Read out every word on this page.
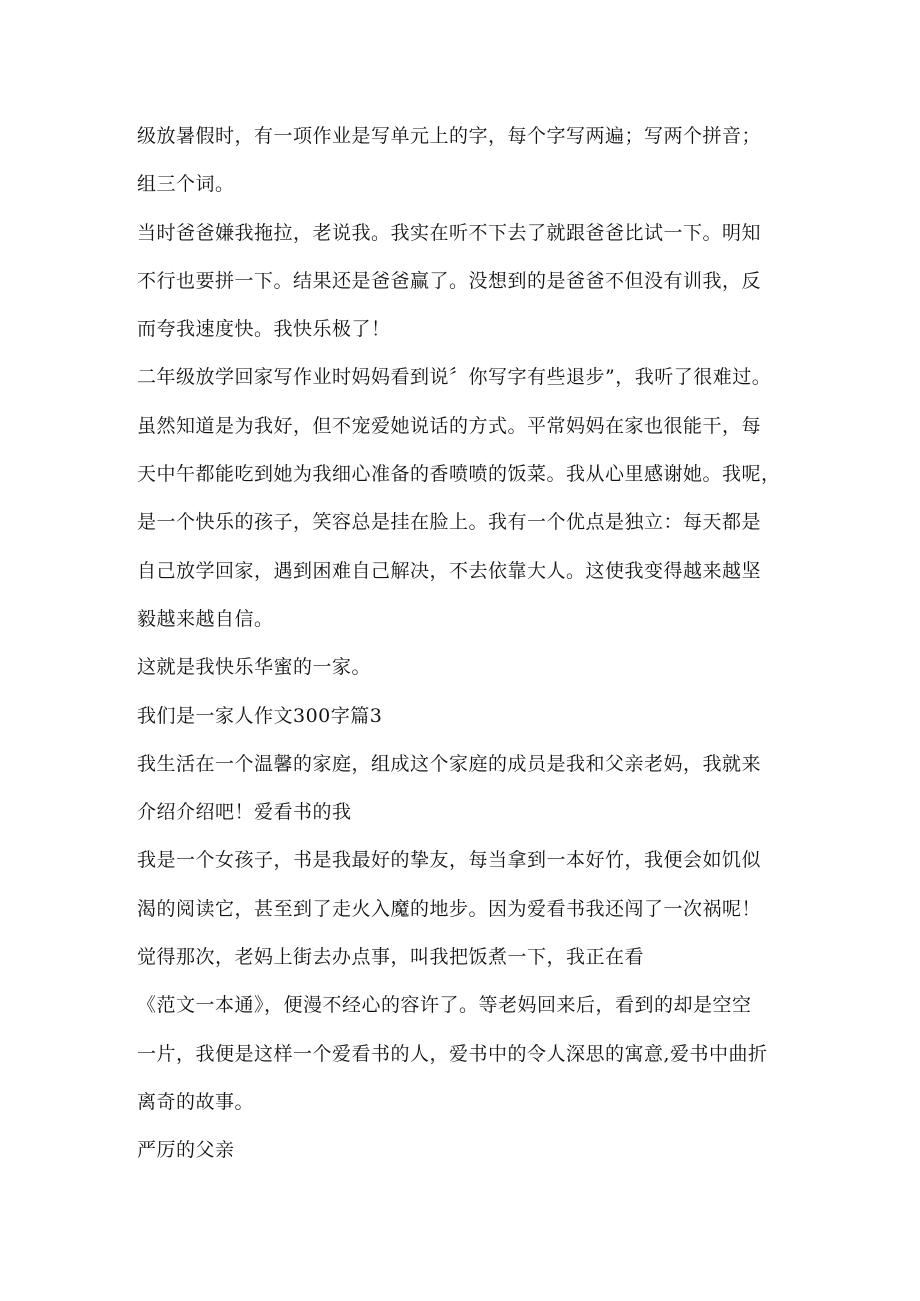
级放暑假时，有一项作业是写单元上的字，每个字写两遍；写两个拼音；
组三个词。
当时爸爸嫌我拖拉，老说我。我实在听不下去了就跟爸爸比试一下。明知
不行也要拼一下。结果还是爸爸赢了。没想到的是爸爸不但没有训我，反
而夸我速度快。我快乐极了！
二年级放学回家写作业时妈妈看到说〞你写字有些退步”，我听了很难过。
虽然知道是为我好，但不宠爱她说话的方式。平常妈妈在家也很能干，每
天中午都能吃到她为我细心准备的香喷喷的饭菜。我从心里感谢她。我呢，
是一个快乐的孩子，笑容总是挂在脸上。我有一个优点是独立：每天都是
自己放学回家，遇到困难自己解决，不去依靠大人。这使我变得越来越坚
毅越来越自信。
这就是我快乐华蜜的一家。
我们是一家人作文300字篇3
我生活在一个温馨的家庭，组成这个家庭的成员是我和父亲老妈，我就来
介绍介绍吧！爱看书的我
我是一个女孩子，书是我最好的挚友，每当拿到一本好竹，我便会如饥似
渴的阅读它，甚至到了走火入魔的地步。因为爱看书我还闯了一次祸呢！
觉得那次，老妈上街去办点事，叫我把饭煮一下，我正在看
《范文一本通》，便漫不经心的容许了。等老妈回来后，看到的却是空空
一片，我便是这样一个爱看书的人，爱书中的令人深思的寓意,爱书中曲折
离奇的故事。
严厉的父亲
